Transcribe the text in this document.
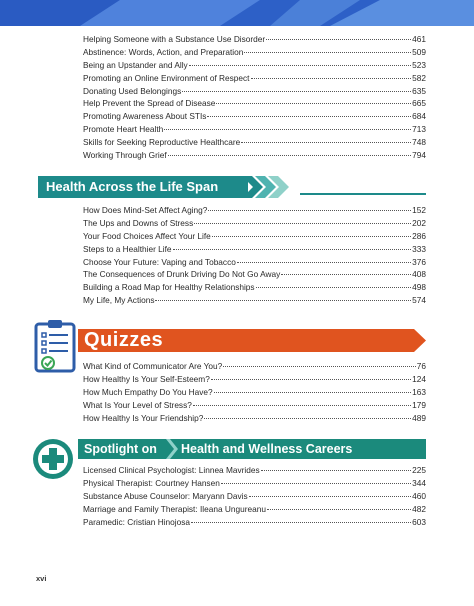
Helping Someone with a Substance Use Disorder	461
Abstinence: Words, Action, and Preparation	509
Being an Upstander and Ally	523
Promoting an Online Environment of Respect	582
Donating Used Belongings	635
Help Prevent the Spread of Disease	665
Promoting Awareness About STIs	684
Promote Heart Health	713
Skills for Seeking Reproductive Healthcare	748
Working Through Grief	794
Health Across the Life Span
How Does Mind-Set Affect Aging?	152
The Ups and Downs of Stress	202
Your Food Choices Affect Your Life	286
Steps to a Healthier Life	333
Choose Your Future: Vaping and Tobacco	376
The Consequences of Drunk Driving Do Not Go Away	408
Building a Road Map for Healthy Relationships	498
My Life, My Actions	574
Quizzes
What Kind of Communicator Are You?	76
How Healthy Is Your Self-Esteem?	124
How Much Empathy Do You Have?	163
What Is Your Level of Stress?	179
How Healthy Is Your Friendship?	489
Spotlight on Health and Wellness Careers
Licensed Clinical Psychologist: Linnea Mavrides	225
Physical Therapist: Courtney Hansen	344
Substance Abuse Counselor: Maryann Davis	460
Marriage and Family Therapist: Ileana Ungureanu	482
Paramedic: Cristian Hinojosa	603
xvi
